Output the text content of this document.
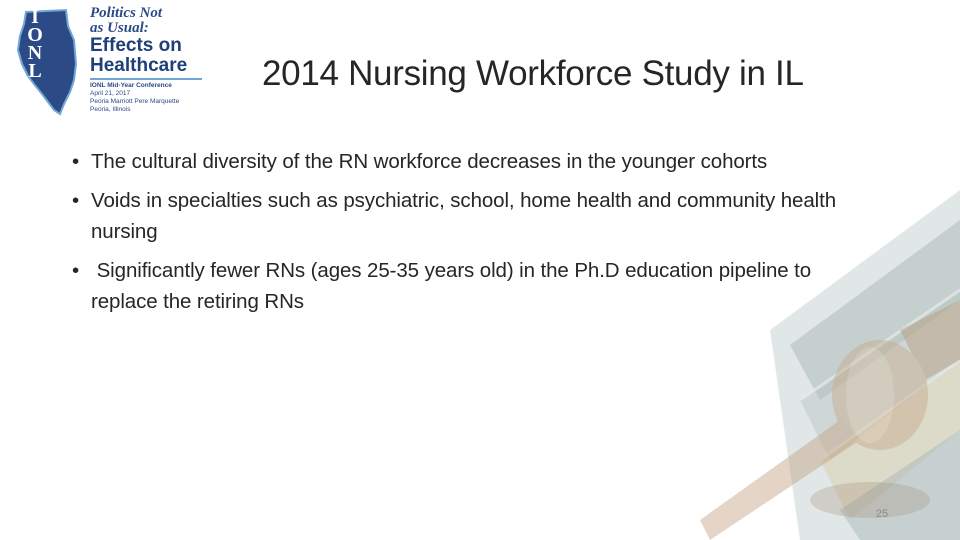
I
O
N
L
Politics Not
as Usual:
Effects on
Healthcare
IONL Mid-Year Conference
April 21, 2017
Peoria Marriott Pere Marquette
Peoria, Illinois
2014 Nursing Workforce Study in IL
• The cultural diversity of the RN workforce decreases in the younger cohorts
• Voids in specialties such as psychiatric, school, home health and community health nursing
• Significantly fewer RNs (ages 25-35 years old) in the Ph.D education pipeline to replace the retiring RNs
25
